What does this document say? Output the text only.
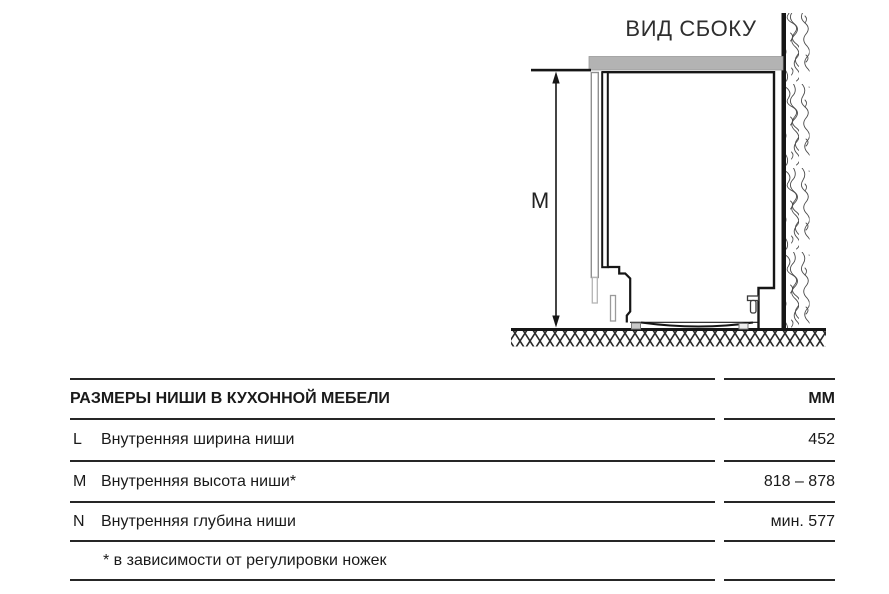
ВИД СБОКУ
M
РАЗМЕРЫ НИШИ В КУХОННОЙ МЕБЕЛИ	ММ
L	Внутренняя ширина ниши	452
M Внутренняя высота ниши*	818 – 878
N	Внутренняя глубина ниши	мин. 577
* в зависимости от регулировки ножек
